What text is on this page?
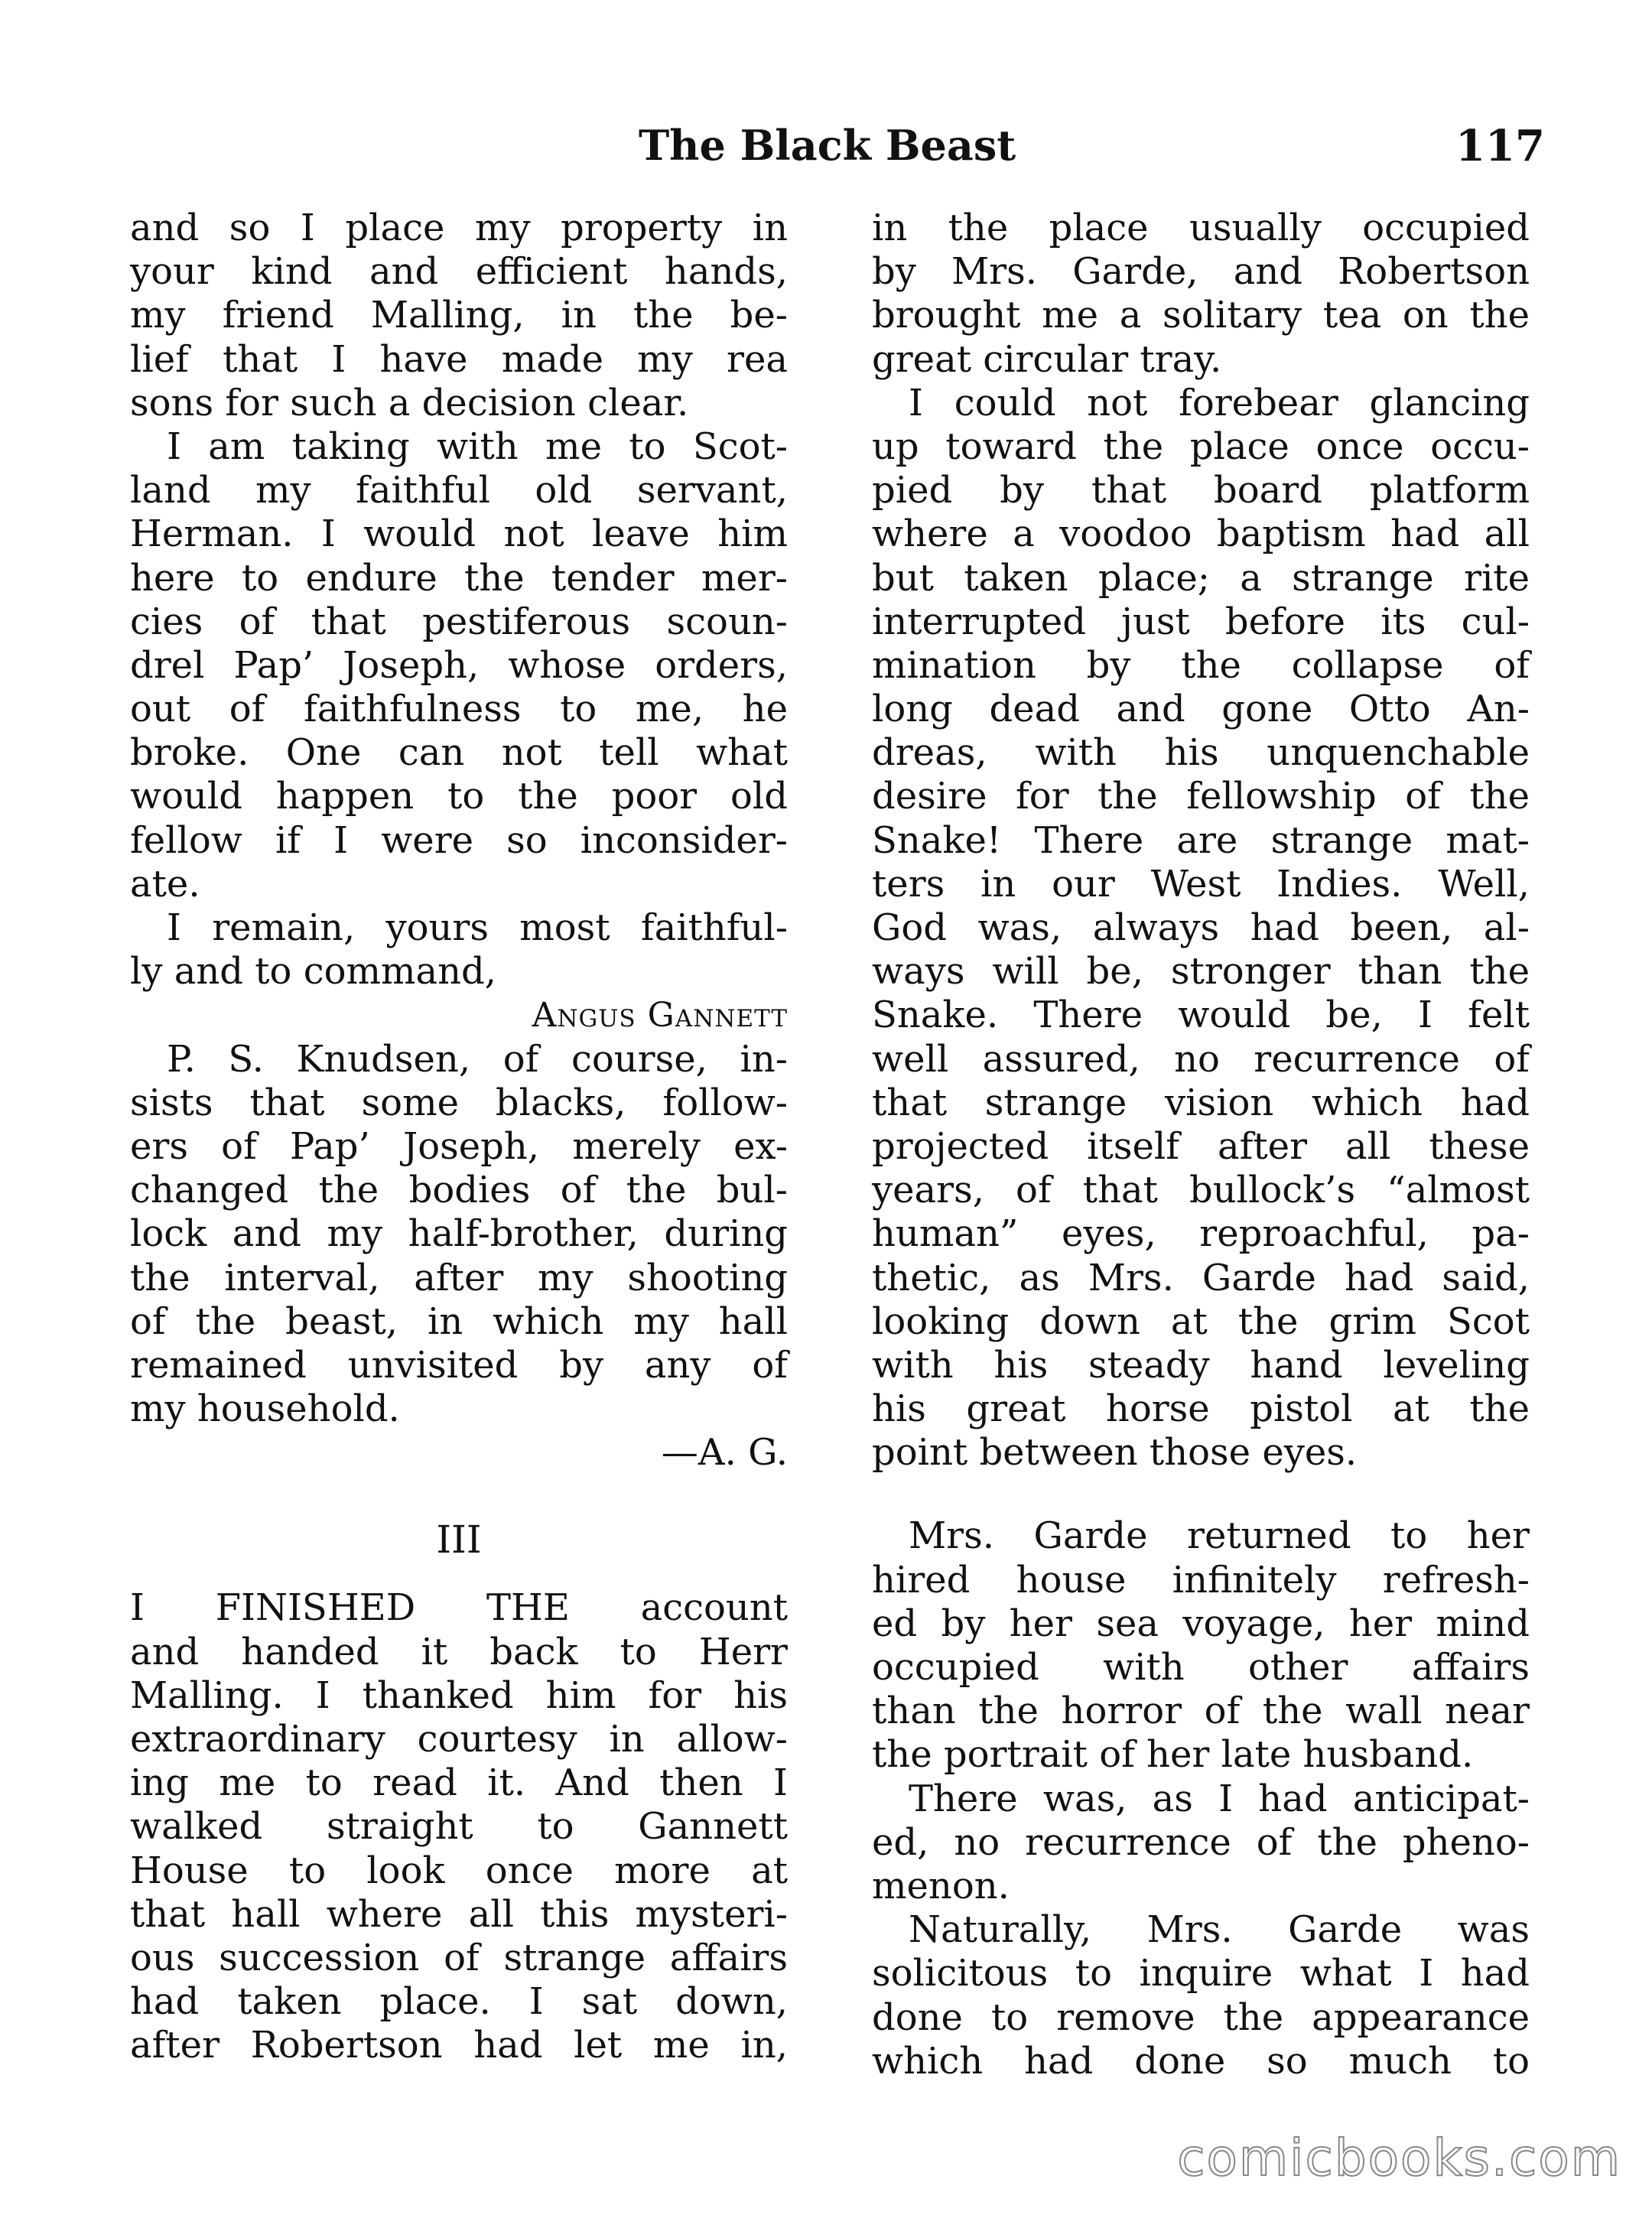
The Black Beast	117
and so I place my property in
your kind and efficient hands,
my friend Malling, in the be-
lief that I have made my rea
sons for such a decision clear.
 I am taking with me to Scot-
land my faithful old servant,
Herman. I would not leave him
here to endure the tender mer-
cies of that pestiferous scoun-
drel Pap’ Joseph, whose orders,
out of faithfulness to me, he
broke. One can not tell what
would happen to the poor old
fellow if I were so inconsider-
ate.
 I remain, yours most faithful-
ly and to command,
Angus Gannett
 P. S. Knudsen, of course, in-
sists that some blacks, follow-
ers of Pap’ Joseph, merely ex-
changed the bodies of the bul-
lock and my half-brother, during
the interval, after my shooting
of the beast, in which my hall
remained unvisited by any of
my household.
—A. G.
III
I FINISHED THE account
and handed it back to Herr
Malling. I thanked him for his
extraordinary courtesy in allow-
ing me to read it. And then I
walked straight to Gannett
House to look once more at
that hall where all this mysteri-
ous succession of strange affairs
had taken place. I sat down,
after Robertson had let me in,
in the place usually occupied
by Mrs. Garde, and Robertson
brought me a solitary tea on the
great circular tray.
 I could not forebear glancing
up toward the place once occu-
pied by that board platform
where a voodoo baptism had all
but taken place; a strange rite
interrupted just before its cul-
mination by the collapse of
long dead and gone Otto An-
dreas, with his unquenchable
desire for the fellowship of the
Snake! There are strange mat-
ters in our West Indies. Well,
God was, always had been, al-
ways will be, stronger than the
Snake. There would be, I felt
well assured, no recurrence of
that strange vision which had
projected itself after all these
years, of that bullock’s “almost
human” eyes, reproachful, pa-
thetic, as Mrs. Garde had said,
looking down at the grim Scot
with his steady hand leveling
his great horse pistol at the
point between those eyes.
 Mrs. Garde returned to her
hired house infinitely refresh-
ed by her sea voyage, her mind
occupied with other affairs
than the horror of the wall near
the portrait of her late husband.
 There was, as I had anticipat-
ed, no recurrence of the pheno-
menon.
 Naturally, Mrs. Garde was
solicitous to inquire what I had
done to remove the appearance
which had done so much to
comicbooks.com
